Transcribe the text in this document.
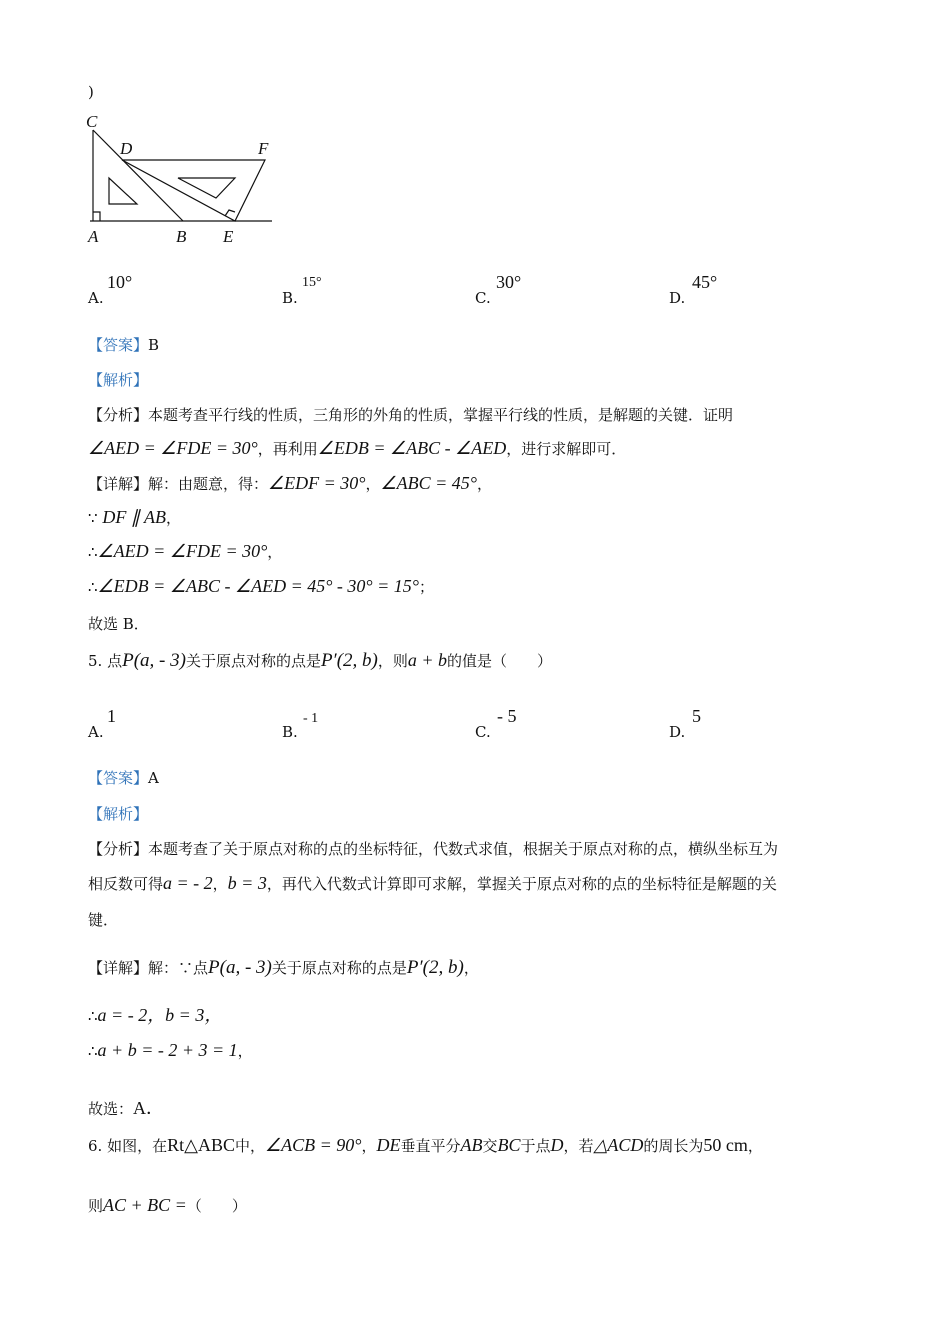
)
C
D	F
A	B E
A.
10°
B.
15°
C.
30°
D.
45°
【答案】B
【解析】
【分析】本题考查平行线的性质，三角形的外角的性质，掌握平行线的性质，是解题的关键．证明
∠AED = ∠FDE = 30°，再利用∠EDB = ∠ABC - ∠AED，进行求解即可．
【详解】解：由题意，得：∠EDF = 30°，∠ABC = 45°，
∵ DF ∥ AB，
∴∠AED = ∠FDE = 30°，
∴∠EDB = ∠ABC - ∠AED = 45° - 30° = 15°；
故选 B．
5. 点P(a, - 3)关于原点对称的点是P′(2, b)，则a + b的值是（　　）
A.
1
B.
- 1
C.
- 5
D.
5
【答案】A
【解析】
【分析】本题考查了关于原点对称的点的坐标特征，代数式求值，根据关于原点对称的点，横纵坐标互为
相反数可得a = - 2，b = 3，再代入代数式计算即可求解，掌握关于原点对称的点的坐标特征是解题的关
键．
【详解】解：∵点P(a, - 3)关于原点对称的点是P′(2, b)，
∴a = - 2，b = 3，
∴a + b = - 2 + 3 = 1，
故选：A．
6. 如图，在Rt△ABC中，∠ACB = 90°，DE垂直平分AB交BC于点D，若△ACD的周长为50 cm，
则AC + BC =（　　）
